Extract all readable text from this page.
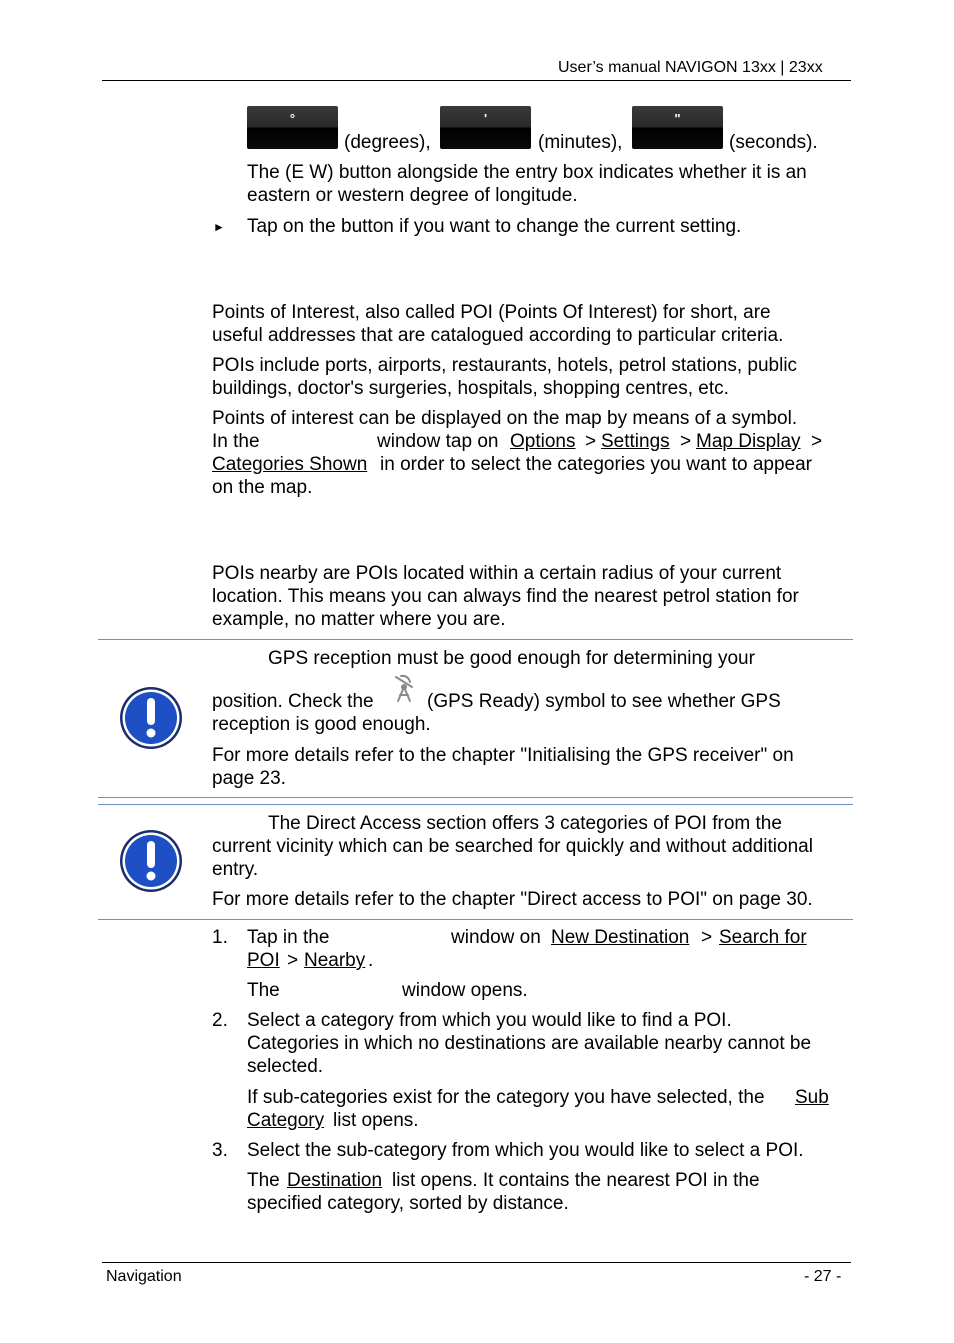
User’s manual NAVIGON 13xx | 23xx
°
(degrees),
'
(minutes),
"
(seconds).
The (E W) button alongside the entry box indicates whether it is an
eastern or western degree of longitude.
► Tap on the button if you want to change the current setting.
Points of Interest, also called POI (Points Of Interest) for short, are
useful addresses that are catalogued according to particular criteria.
POIs include ports, airports, restaurants, hotels, petrol stations, public
buildings, doctor's surgeries, hospitals, shopping centres, etc.
Points of interest can be displayed on the map by means of a symbol.
In the	window tap on Options > Settings > Map Display >
Categories Shown in order to select the categories you want to appear
on the map.
POIs nearby are POIs located within a certain radius of your current
location. This means you can always find the nearest petrol station for
example, no matter where you are.
GPS reception must be good enough for determining your
position. Check the	(GPS Ready) symbol to see whether GPS
reception is good enough.
For more details refer to the chapter "Initialising the GPS receiver" on
page 23.
The Direct Access section offers 3 categories of POI from the
current vicinity which can be searched for quickly and without additional
entry.
For more details refer to the chapter "Direct access to POI" on page 30.
1. Tap in the	window on New Destination > Search for
POI > Nearby .
The	window opens.
2. Select a category from which you would like to find a POI.
Categories in which no destinations are available nearby cannot be
selected.
If sub-categories exist for the category you have selected, the Sub
Category list opens.
3. Select the sub-category from which you would like to select a POI.
The Destination list opens. It contains the nearest POI in the
specified category, sorted by distance.
Navigation	- 27 -
